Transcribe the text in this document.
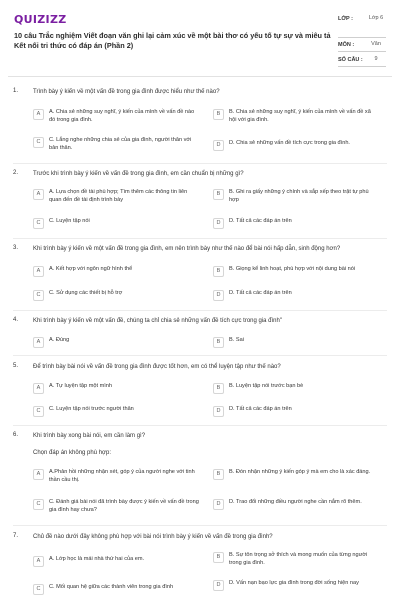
QUIZIZZ
10 câu Trắc nghiệm Viết đoạn văn ghi lại cảm xúc về một bài thơ có yếu tố tự sự và miêu tả Kết nối tri thức có đáp án (Phần 2)
LỚP :	Lớp 6
MÔN :	Văn
SỐ CÂU :	9
1. Trình bày ý kiến về một vấn đề trong gia đình được hiểu như thế nào?
A	A. Chia sẻ những suy nghĩ, ý kiến của mình về vấn đề nào đó trong gia đình.
B	B. Chia sẻ những suy nghĩ, ý kiến của mình về vấn đề xã hội với gia đình.
C	C. Lắng nghe những chia sẻ của gia đình, người thân với bản thân.	D	D. Chia sẻ những vấn đề tích cực trong gia đình.
2. Trước khi trình bày ý kiến về vấn đề trong gia đình, em cần chuẩn bị những gì?
A	A. Lựa chọn đề tài phù hợp; Tìm thêm các thông tin liên quan đến đề tài định trình bày
B	B. Ghi ra giấy những ý chính và sắp xếp theo trật tự phù hợp
C	C. Luyện tập nói	D	D. Tất cả các đáp án trên
3. Khi trình bày ý kiến về một vấn đề trong gia đình, em nên trình bày như thế nào để bài nói hấp dẫn, sinh động hơn?
A	A. Kết hợp với ngôn ngữ hình thể	B	B. Giọng kể linh hoạt, phù hợp với nội dung bài nói
C	C. Sử dụng các thiết bị hỗ trợ	D	D. Tất cả các đáp án trên
4. Khi trình bày ý kiến về một vấn đề, chúng ta chỉ chia sẻ những vấn đề tích cực trong gia đình"
A	A. Đúng	B	B. Sai
5. Để trình bày bài nói về vấn đề trong gia đình được tốt hơn, em có thể luyện tập như thế nào?
A	A. Tự luyện tập một mình	B	B. Luyện tập nói trước bạn bè
C	C. Luyện tập nói trước người thân	D	D. Tất cả các đáp án trên
6. Khi trình bày xong bài nói, em cần làm gì?
Chọn đáp án không phù hợp:
A	A.Phản hồi những nhận xét, góp ý của người nghe với tinh thần cầu thị.
B	B. Đón nhận những ý kiến góp ý mà em cho là xác đáng.
C	C. Đánh giá bài nói đã trình bày được ý kiến về vấn đề trong gia đình hay chưa?
D	D. Trao đổi những điều người nghe cần nắm rõ thêm.
7. Chủ đề nào dưới đây không phù hợp với bài nói trình bày ý kiến về vấn đề trong gia đình?
A	A. Lớp học là mái nhà thứ hai của em.	B	B. Sự tôn trọng sở thích và mong muốn của từng người trong gia đình.
C	C. Mối quan hệ giữa các thành viên trong gia đình	D	D. Vấn nạn bạo lực gia đình trong đời sống hiện nay
